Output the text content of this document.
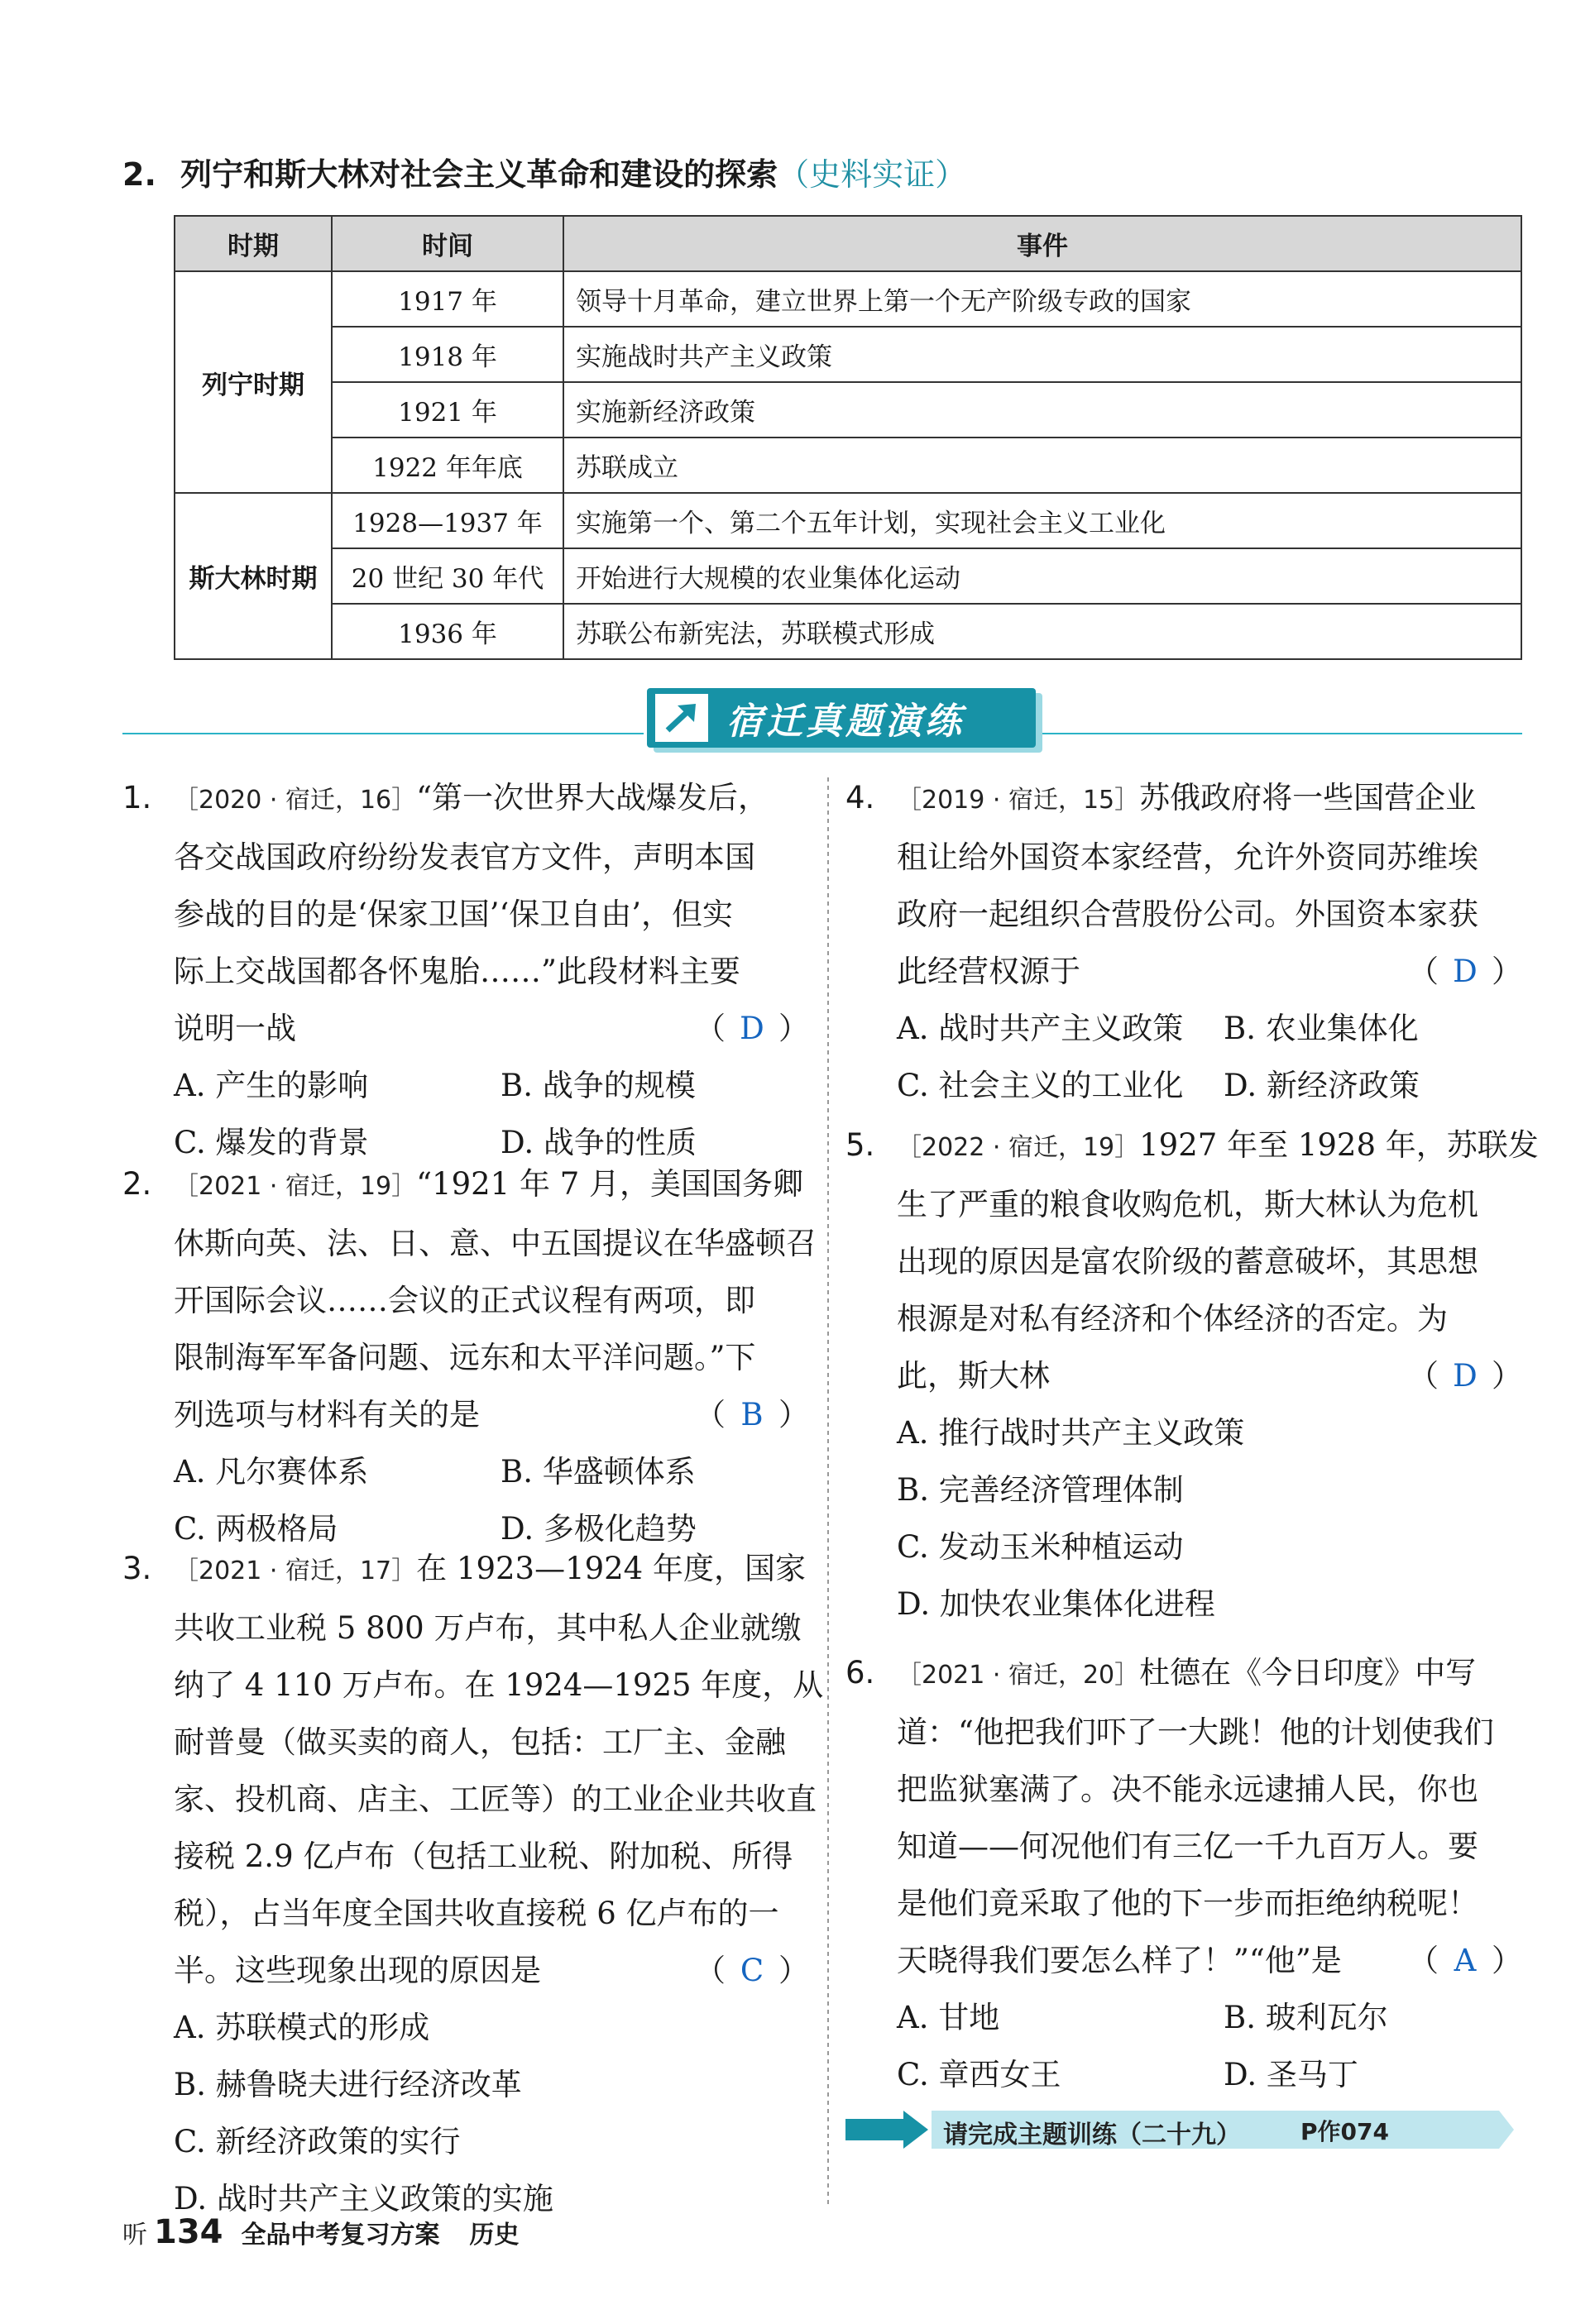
2. 列宁和斯大林对社会主义革命和建设的探索（史料实证）
时期	时间	事件
列宁时期	1917 年	领导十月革命，建立世界上第一个无产阶级专政的国家
	1918 年	实施战时共产主义政策
	1921 年	实施新经济政策
	1922 年年底	苏联成立
斯大林时期	1928—1937 年	实施第一个、第二个五年计划，实现社会主义工业化
	20 世纪 30 年代	开始进行大规模的农业集体化运动
	1936 年	苏联公布新宪法，苏联模式形成
宿迁真题演练
1. ［2020 · 宿迁，16］“第一次世界大战爆发后，
各交战国政府纷纷发表官方文件，声明本国
参战的目的是‘保家卫国’‘保卫自由’，但实
际上交战国都各怀鬼胎……”此段材料主要
说明一战	（ D ）
A. 产生的影响	B. 战争的规模
C. 爆发的背景	D. 战争的性质
2. ［2021 · 宿迁，19］“1921 年 7 月，美国国务卿
休斯向英、法、日、意、中五国提议在华盛顿召
开国际会议……会议的正式议程有两项，即
限制海军军备问题、远东和太平洋问题。”下
列选项与材料有关的是	（ B ）
A. 凡尔赛体系	B. 华盛顿体系
C. 两极格局	D. 多极化趋势
3. ［2021 · 宿迁，17］在 1923—1924 年度，国家
共收工业税 5 800 万卢布，其中私人企业就缴
纳了 4 110 万卢布。在 1924—1925 年度，从
耐普曼（做买卖的商人，包括：工厂主、金融
家、投机商、店主、工匠等）的工业企业共收直
接税 2.9 亿卢布（包括工业税、附加税、所得
税），占当年度全国共收直接税 6 亿卢布的一
半。这些现象出现的原因是	（ C ）
A. 苏联模式的形成
B. 赫鲁晓夫进行经济改革
C. 新经济政策的实行
D. 战时共产主义政策的实施
4. ［2019 · 宿迁，15］苏俄政府将一些国营企业
租让给外国资本家经营，允许外资同苏维埃
政府一起组织合营股份公司。外国资本家获
此经营权源于	（ D ）
A. 战时共产主义政策	B. 农业集体化
C. 社会主义的工业化	D. 新经济政策
5. ［2022 · 宿迁，19］1927 年至 1928 年，苏联发
生了严重的粮食收购危机，斯大林认为危机
出现的原因是富农阶级的蓄意破坏，其思想
根源是对私有经济和个体经济的否定。为
此，斯大林	（ D ）
A. 推行战时共产主义政策
B. 完善经济管理体制
C. 发动玉米种植运动
D. 加快农业集体化进程
6. ［2021 · 宿迁，20］杜德在《今日印度》中写
道：“他把我们吓了一大跳！他的计划使我们
把监狱塞满了。决不能永远逮捕人民，你也
知道——何况他们有三亿一千九百万人。要
是他们竟采取了他的下一步而拒绝纳税呢！
天晓得我们要怎么样了！”“他”是 （ A ）
A. 甘地	B. 玻利瓦尔
C. 章西女王	D. 圣马丁
请完成主题训练（二十九）	P作074
听 134 全品中考复习方案 历史
